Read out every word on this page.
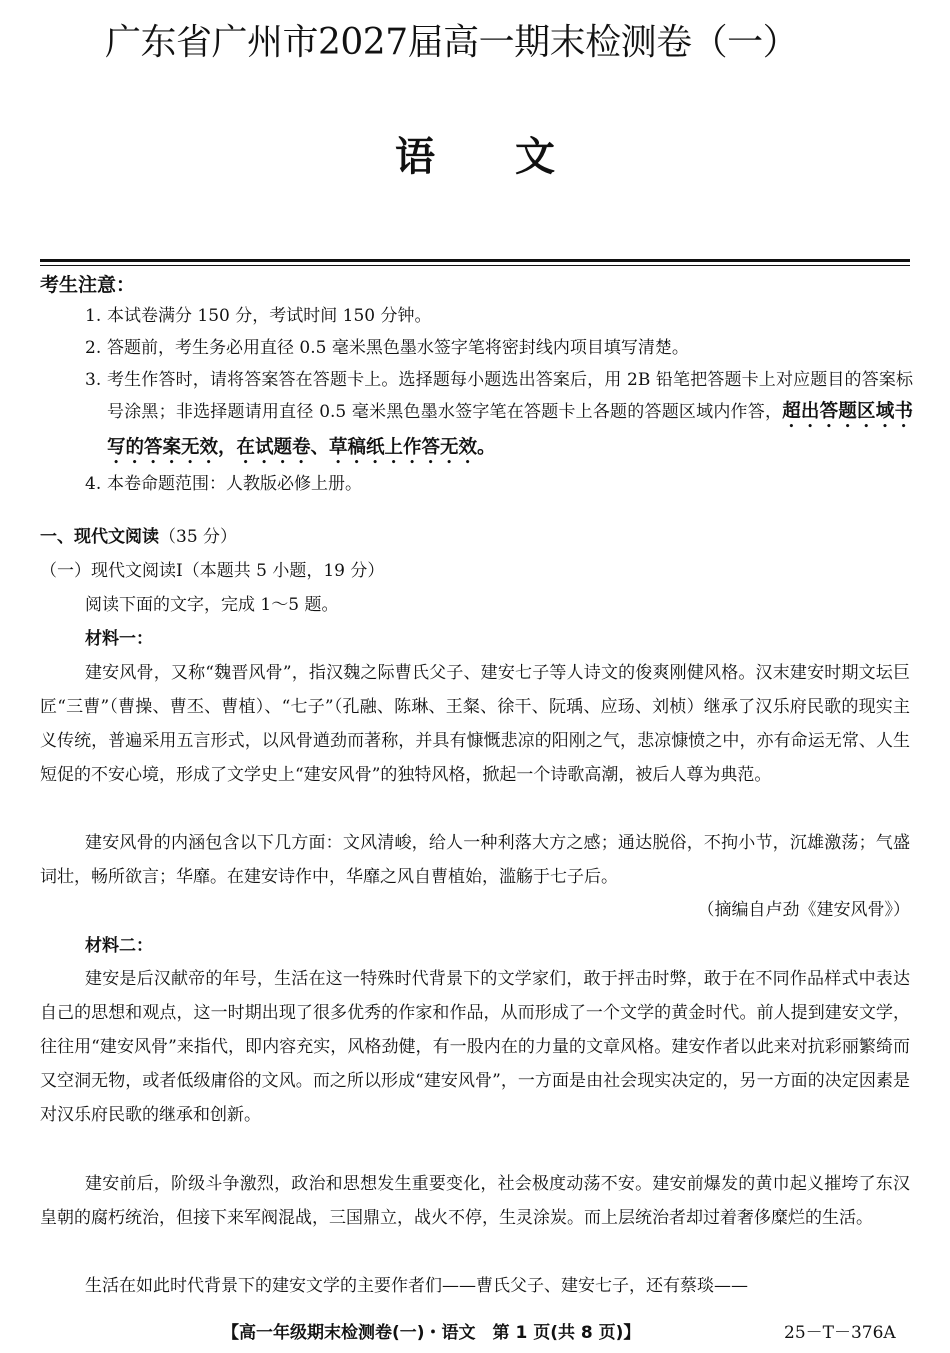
广东省广州市2027届高一期末检测卷（一）
语文
考生注意：
1. 本试卷满分 150 分，考试时间 150 分钟。
2. 答题前，考生务必用直径 0.5 毫米黑色墨水签字笔将密封线内项目填写清楚。
3. 考生作答时，请将答案答在答题卡上。选择题每小题选出答案后，用 2B 铅笔把答题卡上对应题目的答案标号涂黑；非选择题请用直径 0.5 毫米黑色墨水签字笔在答题卡上各题的答题区域内作答，超出答题区域书写的答案无效，在试题卷、草稿纸上作答无效。
4. 本卷命题范围：人教版必修上册。
一、现代文阅读（35 分）
（一）现代文阅读Ⅰ（本题共 5 小题，19 分）
阅读下面的文字，完成 1～5 题。
材料一：
建安风骨，又称“魏晋风骨”，指汉魏之际曹氏父子、建安七子等人诗文的俊爽刚健风格。汉末建安时期文坛巨匠“三曹”（曹操、曹丕、曹植）、“七子”（孔融、陈琳、王粲、徐干、阮瑀、应玚、刘桢）继承了汉乐府民歌的现实主义传统，普遍采用五言形式，以风骨遒劲而著称，并具有慷慨悲凉的阳刚之气，悲凉慷愤之中，亦有命运无常、人生短促的不安心境，形成了文学史上“建安风骨”的独特风格，掀起一个诗歌高潮，被后人尊为典范。
建安风骨的内涵包含以下几方面：文风清峻，给人一种利落大方之感；通达脱俗，不拘小节，沉雄激荡；气盛词壮，畅所欲言；华靡。在建安诗作中，华靡之风自曹植始，滥觞于七子后。
（摘编自卢劲《建安风骨》）
材料二：
建安是后汉献帝的年号，生活在这一特殊时代背景下的文学家们，敢于抨击时弊，敢于在不同作品样式中表达自己的思想和观点，这一时期出现了很多优秀的作家和作品，从而形成了一个文学的黄金时代。前人提到建安文学，往往用“建安风骨”来指代，即内容充实，风格劲健，有一股内在的力量的文章风格。建安作者以此来对抗彩丽繁绮而又空洞无物，或者低级庸俗的文风。而之所以形成“建安风骨”，一方面是由社会现实决定的，另一方面的决定因素是对汉乐府民歌的继承和创新。
建安前后，阶级斗争激烈，政治和思想发生重要变化，社会极度动荡不安。建安前爆发的黄巾起义摧垮了东汉皇朝的腐朽统治，但接下来军阀混战，三国鼎立，战火不停，生灵涂炭。而上层统治者却过着奢侈糜烂的生活。
生活在如此时代背景下的建安文学的主要作者们——曹氏父子、建安七子，还有蔡琰——
【高一年级期末检测卷(一)・语文　第 1 页(共 8 页)】	25－T－376A
